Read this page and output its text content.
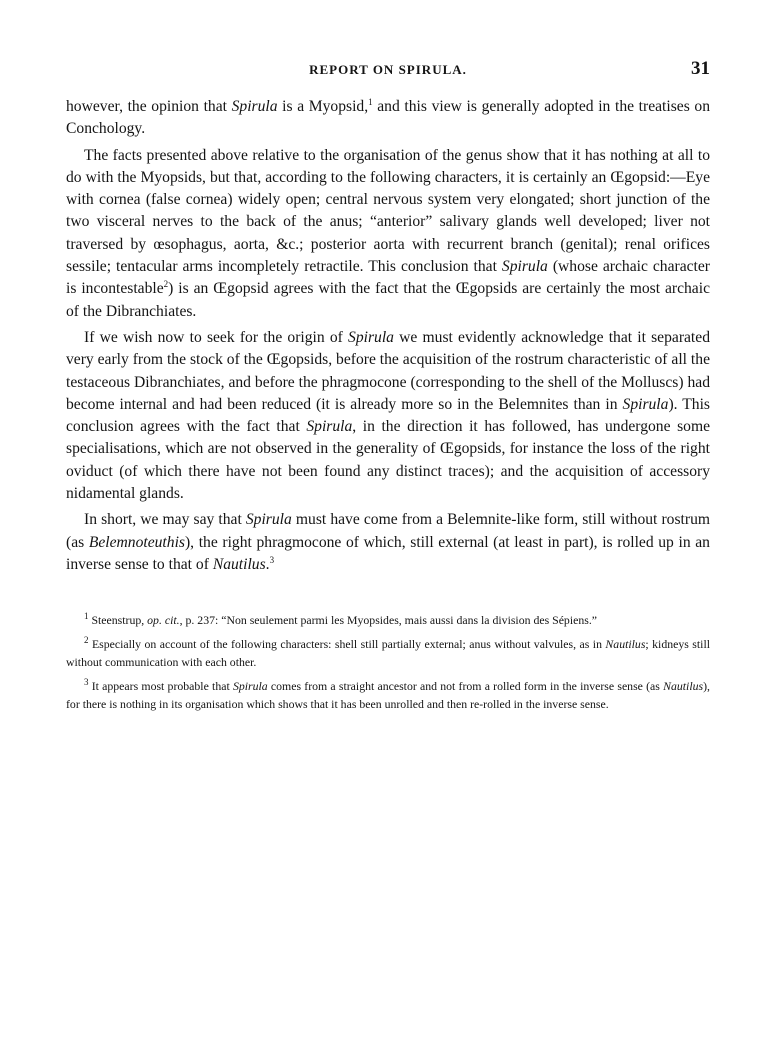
REPORT ON SPIRULA.	31

however, the opinion that Spirula is a Myopsid,$^1$ and this view is generally adopted in the treatises on Conchology.

The facts presented above relative to the organisation of the genus show that it has nothing at all to do with the Myopsids, but that, according to the following characters, it is certainly an Œgopsid:—Eye with cornea (false cornea) widely open; central nervous system very elongated; short junction of the two visceral nerves to the back of the anus; “anterior” salivary glands well developed; liver not traversed by œsophagus, aorta, &c.; posterior aorta with recurrent branch (genital); renal orifices sessile; tentacular arms incompletely retractile. This conclusion that Spirula (whose archaic character is incontestable$^2$) is an Œgopsid agrees with the fact that the Œgopsids are certainly the most archaic of the Dibranchiates.

If we wish now to seek for the origin of Spirula we must evidently acknowledge that it separated very early from the stock of the Œgopsids, before the acquisition of the rostrum characteristic of all the testaceous Dibranchiates, and before the phragmocone (corresponding to the shell of the Molluscs) had become internal and had been reduced (it is already more so in the Belemnites than in Spirula). This conclusion agrees with the fact that Spirula, in the direction it has followed, has undergone some specialisations, which are not observed in the generality of Œgopsids, for instance the loss of the right oviduct (of which there have not been found any distinct traces); and the acquisition of accessory nidamental glands.

In short, we may say that Spirula must have come from a Belemnite-like form, still without rostrum (as Belemnoteuthis), the right phragmocone of which, still external (at least in part), is rolled up in an inverse sense to that of Nautilus.$^3$

$^1$ Steenstrup, op. cit., p. 237: “Non seulement parmi les Myopsides, mais aussi dans la division des Sépiens.”

$^2$ Especially on account of the following characters: shell still partially external; anus without valvules, as in Nautilus; kidneys still without communication with each other.

$^3$ It appears most probable that Spirula comes from a straight ancestor and not from a rolled form in the inverse sense (as Nautilus), for there is nothing in its organisation which shows that it has been unrolled and then re-rolled in the inverse sense.
